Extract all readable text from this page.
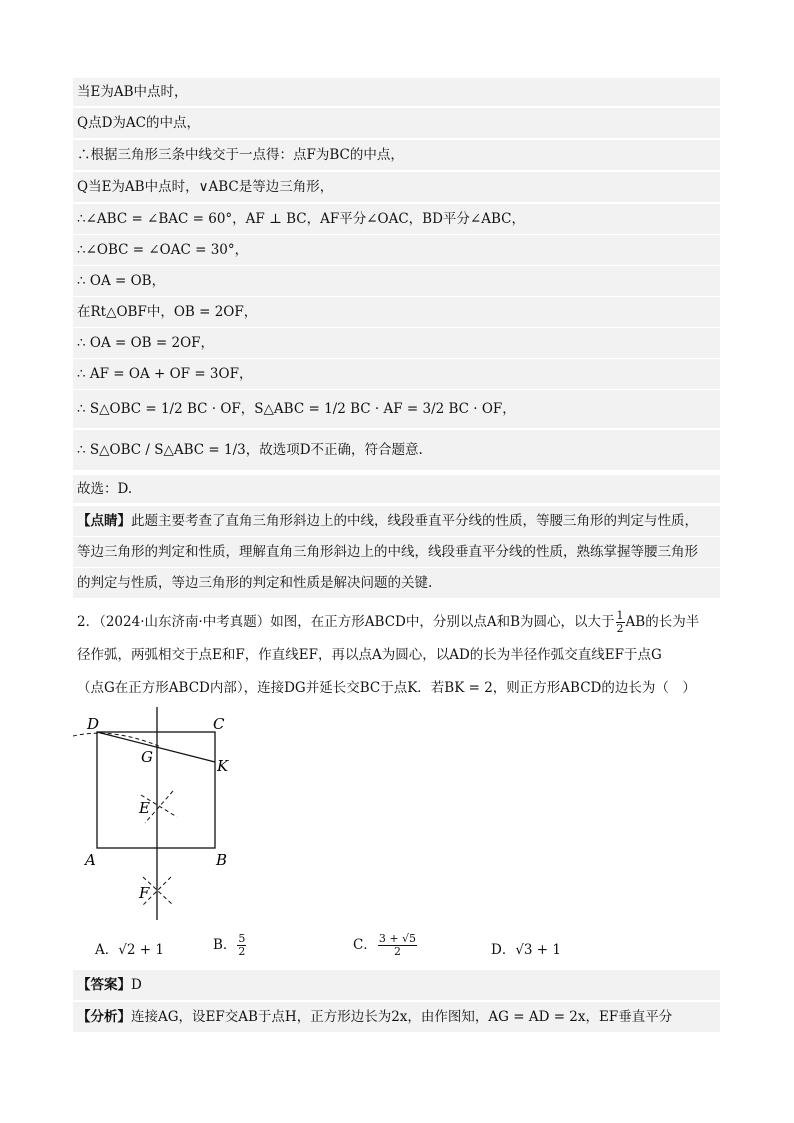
当E为AB中点时，
Q点D为AC的中点，
∴根据三角形三条中线交于一点得：点F为BC的中点，
Q当E为AB中点时，∨ABC是等边三角形，
∴∠ABC = ∠BAC = 60°，AF ⊥ BC，AF平分∠OAC，BD平分∠ABC，
∴∠OBC = ∠OAC = 30°，
∴ OA = OB，
在Rt△OBF中，OB = 2OF，
∴ OA = OB = 2OF，
∴ AF = OA + OF = 3OF，
∴ S△OBC = 1/2 BC · OF，S△ABC = 1/2 BC · AF = 3/2 BC · OF，
∴ S△OBC / S△ABC = 1/3，故选项D不正确，符合题意.
故选：D.
【点睛】此题主要考查了直角三角形斜边上的中线，线段垂直平分线的性质，等腰三角形的判定与性质，
等边三角形的判定和性质，理解直角三角形斜边上的中线，线段垂直平分线的性质，熟练掌握等腰三角形
的判定与性质，等边三角形的判定和性质是解决问题的关键.
2．（2024·山东济南·中考真题）如图，在正方形ABCD中，分别以点A和B为圆心，以大于 $\frac{1}{2}$ AB的长为半
径作弧，两弧相交于点E和F，作直线EF，再以点A为圆心，以AD的长为半径作弧交直线EF于点G
（点G在正方形ABCD内部），连接DG并延长交BC于点K．若BK = 2，则正方形ABCD的边长为（　）
D	C
G	K
E
A	B
F
A．√2 + 1	B． $\frac{5}{2}$	C． $\frac{3 + √5}{2}$	D．√3 + 1
【答案】D
【分析】连接AG，设EF交AB于点H，正方形边长为2x，由作图知，AG = AD = 2x，EF垂直平分
